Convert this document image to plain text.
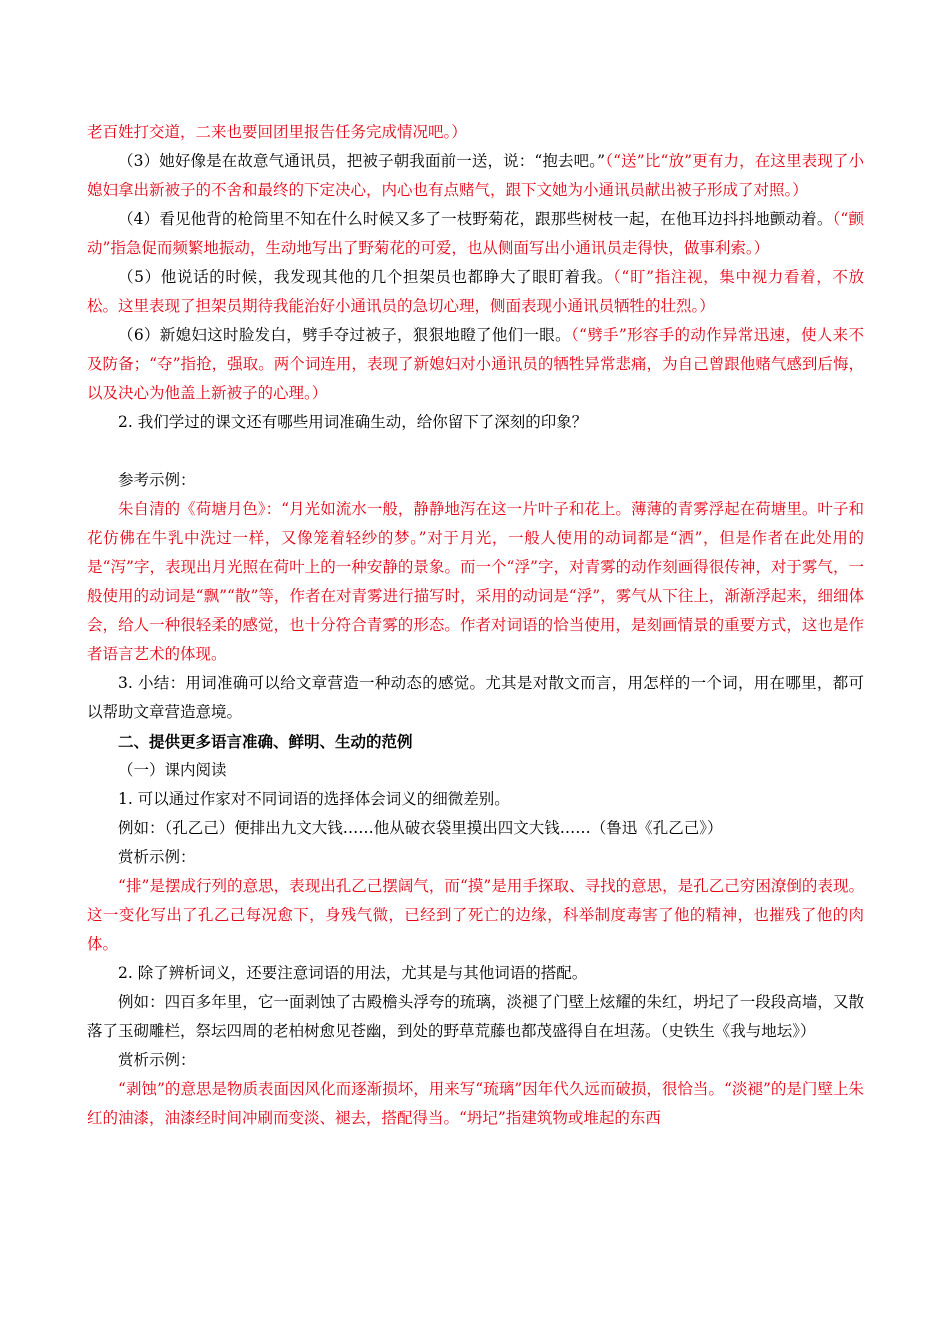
老百姓打交道，二来也要回团里报告任务完成情况吧。）

（3）她好像是在故意气通讯员，把被子朝我面前一送，说：“抱去吧。”（“送”比“放”更有力，在这里表现了小媳妇拿出新被子的不舍和最终的下定决心，内心也有点赌气，跟下文她为小通讯员献出被子形成了对照。）

（4）看见他背的枪筒里不知在什么时候又多了一枝野菊花，跟那些树枝一起，在他耳边抖抖地颤动着。（“颤动”指急促而频繁地振动，生动地写出了野菊花的可爱，也从侧面写出小通讯员走得快，做事利索。）

（5）他说话的时候，我发现其他的几个担架员也都睁大了眼盯着我。（“盯”指注视，集中视力看着，不放松。这里表现了担架员期待我能治好小通讯员的急切心理，侧面表现小通讯员牺牲的壮烈。）

（6）新媳妇这时脸发白，劈手夺过被子，狠狠地瞪了他们一眼。（“劈手”形容手的动作异常迅速，使人来不及防备；“夺”指抢，强取。两个词连用，表现了新媳妇对小通讯员的牺牲异常悲痛，为自己曾跟他赌气感到后悔，以及决心为他盖上新被子的心理。）

2. 我们学过的课文还有哪些用词准确生动，给你留下了深刻的印象？

参考示例：

朱自清的《荷塘月色》：“月光如流水一般，静静地泻在这一片叶子和花上。薄薄的青雾浮起在荷塘里。叶子和花仿佛在牛乳中洗过一样，又像笼着轻纱的梦。”对于月光，一般人使用的动词都是“洒”，但是作者在此处用的是“泻”字，表现出月光照在荷叶上的一种安静的景象。而一个“浮”字，对青雾的动作刻画得很传神，对于雾气，一般使用的动词是“飘”“散”等，作者在对青雾进行描写时，采用的动词是“浮”，雾气从下往上，渐渐浮起来，细细体会，给人一种很轻柔的感觉，也十分符合青雾的形态。作者对词语的恰当使用，是刻画情景的重要方式，这也是作者语言艺术的体现。

3. 小结：用词准确可以给文章营造一种动态的感觉。尤其是对散文而言，用怎样的一个词，用在哪里，都可以帮助文章营造意境。

二、提供更多语言准确、鲜明、生动的范例

（一）课内阅读

1. 可以通过作家对不同词语的选择体会词义的细微差别。

例如：（孔乙己）便排出九文大钱……他从破衣袋里摸出四文大钱……（鲁迅《孔乙己》）

赏析示例：

“排”是摆成行列的意思，表现出孔乙己摆阔气，而“摸”是用手探取、寻找的意思，是孔乙己穷困潦倒的表现。这一变化写出了孔乙己每况愈下，身残气微，已经到了死亡的边缘，科举制度毒害了他的精神，也摧残了他的肉体。

2. 除了辨析词义，还要注意词语的用法，尤其是与其他词语的搭配。

例如：四百多年里，它一面剥蚀了古殿檐头浮夸的琉璃，淡褪了门壁上炫耀的朱红，坍圮了一段段高墙，又散落了玉砌雕栏，祭坛四周的老柏树愈见苍幽，到处的野草荒藤也都茂盛得自在坦荡。（史铁生《我与地坛》）

赏析示例：

“剥蚀”的意思是物质表面因风化而逐渐损坏，用来写“琉璃”因年代久远而破损，很恰当。“淡褪”的是门壁上朱红的油漆，油漆经时间冲刷而变淡、褪去，搭配得当。“坍圮”指建筑物或堆起的东西
